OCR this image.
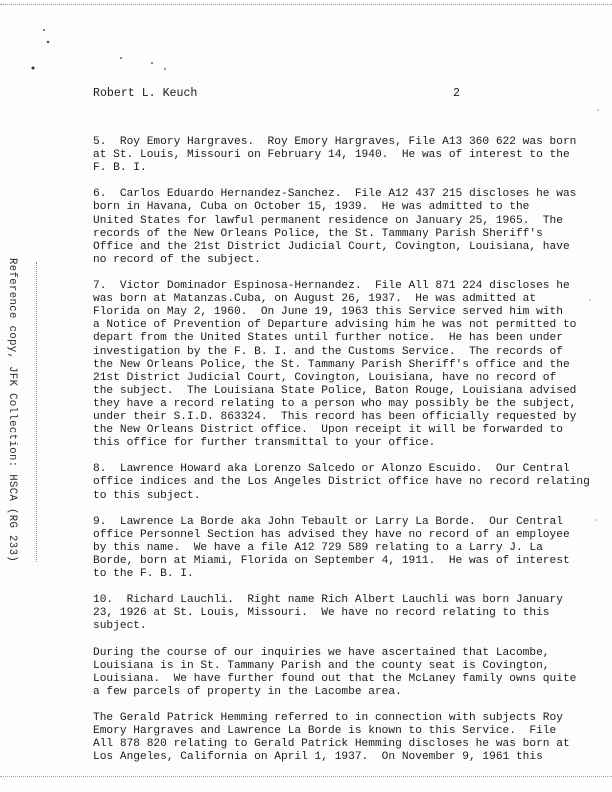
Robert L. Keuch	2
Reference copy, JFK Collection: HSCA (RG 233)

5.  Roy Emory Hargraves.  Roy Emory Hargraves, File A13 360 622 was born
at St. Louis, Missouri on February 14, 1940.  He was of interest to the
F. B. I.

6.  Carlos Eduardo Hernandez-Sanchez.  File A12 437 215 discloses he was
born in Havana, Cuba on October 15, 1939.  He was admitted to the
United States for lawful permanent residence on January 25, 1965.  The
records of the New Orleans Police, the St. Tammany Parish Sheriff's
Office and the 21st District Judicial Court, Covington, Louisiana, have
no record of the subject.

7.  Victor Dominador Espinosa-Hernandez.  File All 871 224 discloses he
was born at Matanzas.Cuba, on August 26, 1937.  He was admitted at
Florida on May 2, 1960.  On June 19, 1963 this Service served him with
a Notice of Prevention of Departure advising him he was not permitted to
depart from the United States until further notice.  He has been under
investigation by the F. B. I. and the Customs Service.  The records of
the New Orleans Police, the St. Tammany Parish Sheriff's office and the
21st District Judicial Court, Covington, Louisiana, have no record of
the subject.  The Louisiana State Police, Baton Rouge, Louisiana advised
they have a record relating to a person who may possibly be the subject,
under their S.I.D. 863324.  This record has been officially requested by
the New Orleans District office.  Upon receipt it will be forwarded to
this office for further transmittal to your office.

8.  Lawrence Howard aka Lorenzo Salcedo or Alonzo Escuido.  Our Central
office indices and the Los Angeles District office have no record relating
to this subject.

9.  Lawrence La Borde aka John Tebault or Larry La Borde.  Our Central
office Personnel Section has advised they have no record of an employee
by this name.  We have a file A12 729 589 relating to a Larry J. La
Borde, born at Miami, Florida on September 4, 1911.  He was of interest
to the F. B. I.

10.  Richard Lauchli.  Right name Rich Albert Lauchli was born January
23, 1926 at St. Louis, Missouri.  We have no record relating to this
subject.

During the course of our inquiries we have ascertained that Lacombe,
Louisiana is in St. Tammany Parish and the county seat is Covington,
Louisiana.  We have further found out that the McLaney family owns quite
a few parcels of property in the Lacombe area.

The Gerald Patrick Hemming referred to in connection with subjects Roy
Emory Hargraves and Lawrence La Borde is known to this Service.  File
All 878 820 relating to Gerald Patrick Hemming discloses he was born at
Los Angeles, California on April 1, 1937.  On November 9, 1961 this
